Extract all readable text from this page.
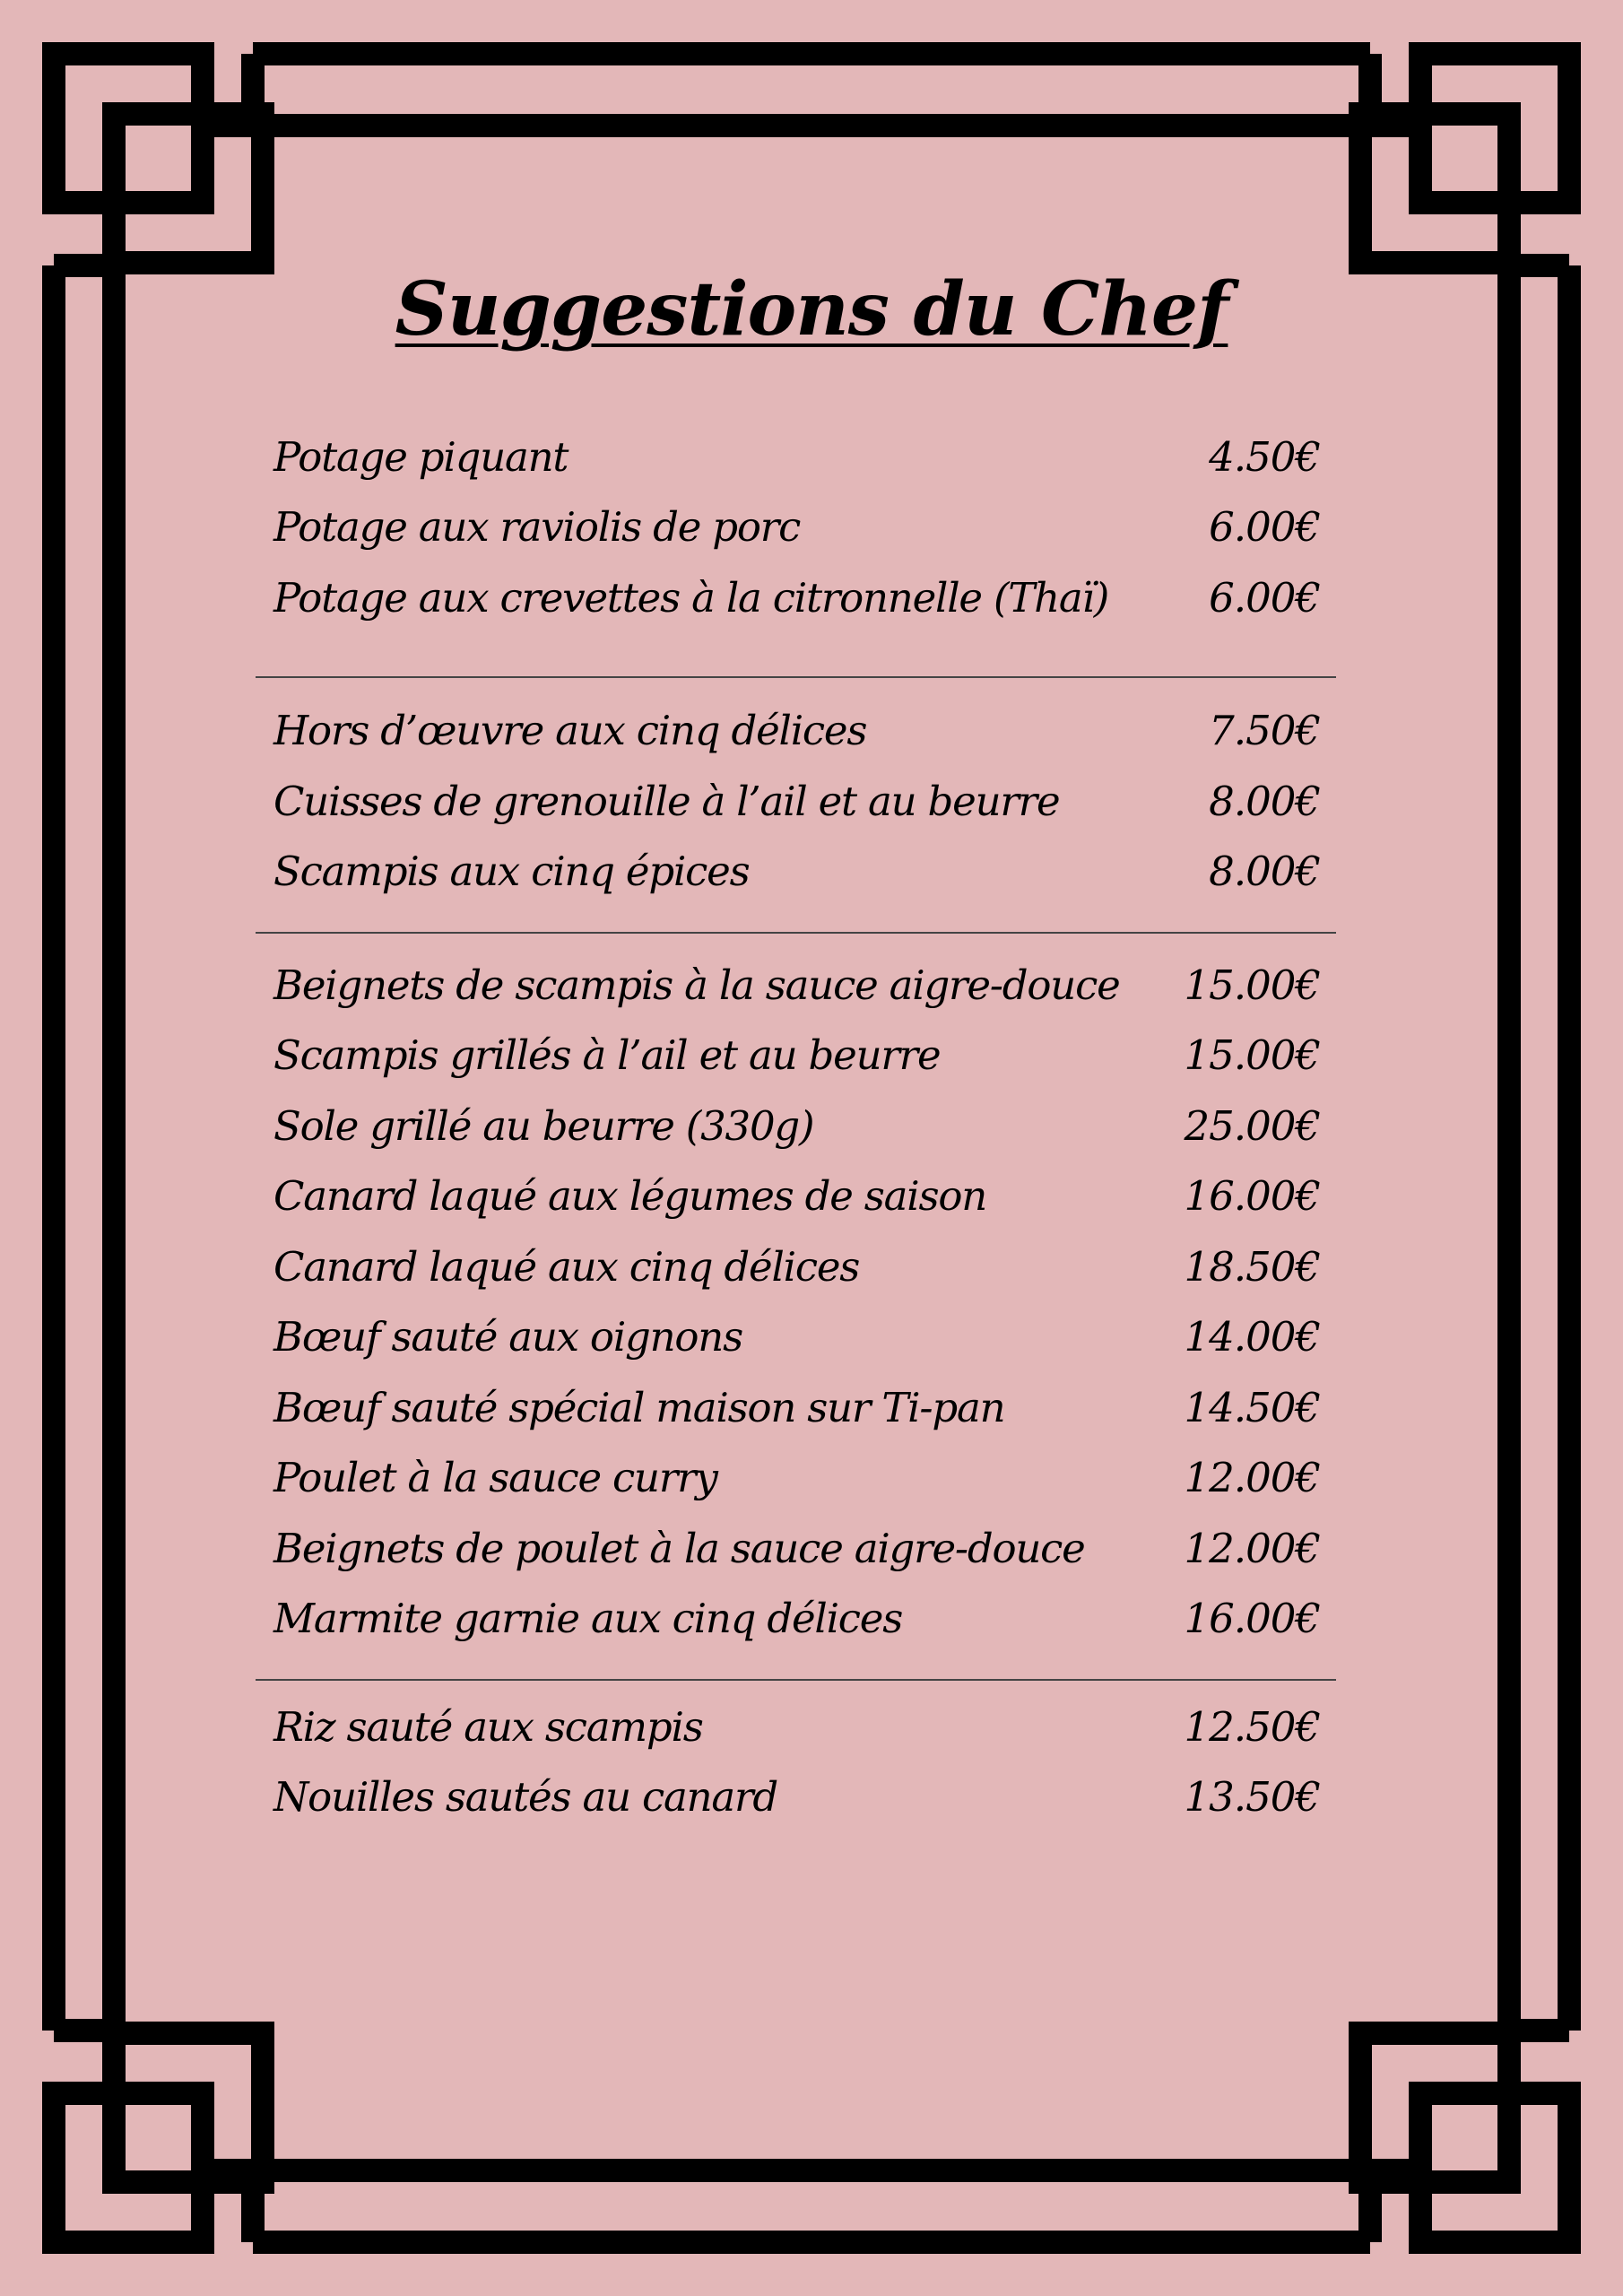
Suggestions du Chef
Potage piquant	4.50€
Potage aux raviolis de porc	6.00€
Potage aux crevettes à la citronnelle (Thaï) 6.00€
Hors d’œuvre aux cinq délices	7.50€
Cuisses de grenouille à l’ail et au beurre	8.00€
Scampis aux cinq épices	8.00€
Beignets de scampis à la sauce aigre-douce 15.00€
Scampis grillés à l’ail et au beurre	15.00€
Sole grillé au beurre (330g)	25.00€
Canard laqué aux légumes de saison	16.00€
Canard laqué aux cinq délices	18.50€
Bœuf sauté aux oignons	14.00€
Bœuf sauté spécial maison sur Ti-pan	14.50€
Poulet à la sauce curry	12.00€
Beignets de poulet à la sauce aigre-douce 12.00€
Marmite garnie aux cinq délices	16.00€
Riz sauté aux scampis	12.50€
Nouilles sautés au canard	13.50€
